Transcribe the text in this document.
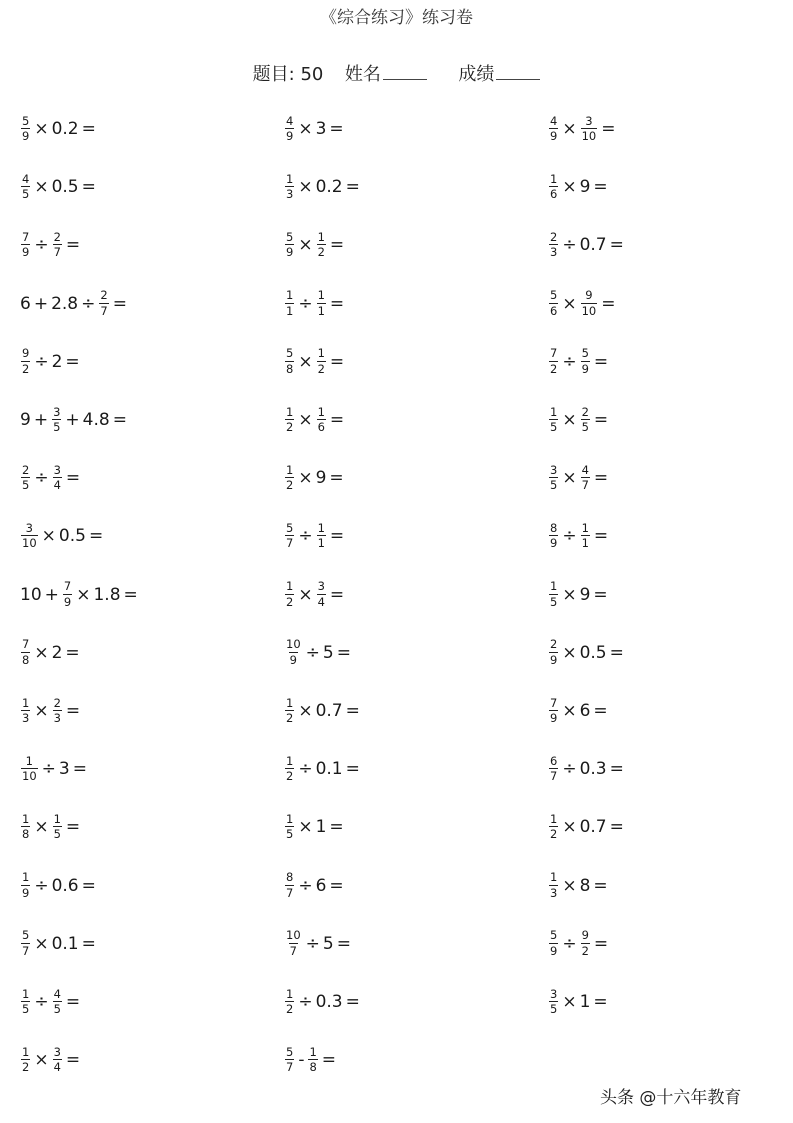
《综合练习》练习卷
题目: 50 姓名	成绩
$\frac{5}{9} \times 0.2$ =	$\frac{4}{9} \times 3$ =	$\frac{4}{9} \times \frac{3}{10}$ =
$\frac{4}{5} \times 0.5$ =	$\frac{1}{3} \times 0.2$ =	$\frac{1}{6} \times 9$ =
$\frac{7}{9} \div \frac{2}{7}$ =	$\frac{5}{9} \times \frac{1}{2}$ =	$\frac{2}{3} \div 0.7$ =
$6 + 2.8 \div \frac{2}{7}$ =	$\frac{1}{1} \div \frac{1}{1}$ =	$\frac{5}{6} \times \frac{9}{10}$ =
$\frac{9}{2} \div 2$ =	$\frac{5}{8} \times \frac{1}{2}$ =	$\frac{7}{2} \div \frac{5}{9}$ =
$9 + \frac{3}{5} + 4.8$ =	$\frac{1}{2} \times \frac{1}{6}$ =	$\frac{1}{5} \times \frac{2}{5}$ =
$\frac{2}{5} \div \frac{3}{4}$ =	$\frac{1}{2} \times 9$ =	$\frac{3}{5} \times \frac{4}{7}$ =
$\frac{3}{10} \times 0.5$ =	$\frac{5}{7} \div \frac{1}{1}$ =	$\frac{8}{9} \div \frac{1}{1}$ =
$10 + \frac{7}{9} \times 1.8$ =	$\frac{1}{2} \times \frac{3}{4}$ =	$\frac{1}{5} \times 9$ =
$\frac{7}{8} \times 2$ =	$\frac{10}{9} \div 5$ =	$\frac{2}{9} \times 0.5$ =
$\frac{1}{3} \times \frac{2}{3}$ =	$\frac{1}{2} \times 0.7$ =	$\frac{7}{9} \times 6$ =
$\frac{1}{10} \div 3$ =	$\frac{1}{2} \div 0.1$ =	$\frac{6}{7} \div 0.3$ =
$\frac{1}{8} \times \frac{1}{5}$ =	$\frac{1}{5} \times 1$ =	$\frac{1}{2} \times 0.7$ =
$\frac{1}{9} \div 0.6$ =	$\frac{8}{7} \div 6$ =	$\frac{1}{3} \times 8$ =
$\frac{5}{7} \times 0.1$ =	$\frac{10}{7} \div 5$ =	$\frac{5}{9} \div \frac{9}{2}$ =
$\frac{1}{5} \div \frac{4}{5}$ =	$\frac{1}{2} \div 0.3$ =	$\frac{3}{5} \times 1$ =
$\frac{1}{2} \times \frac{3}{4}$ =	$\frac{5}{7} - \frac{1}{8}$ =
头条 @十六年教育
